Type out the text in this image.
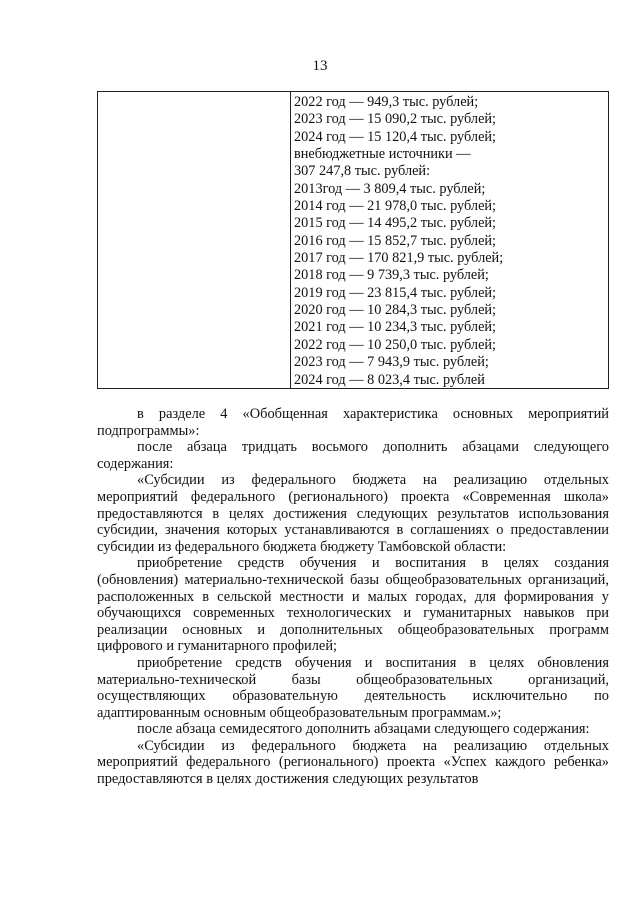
13
2022 год — 949,3 тыс. рублей;
2023 год — 15 090,2 тыс. рублей;
2024 год — 15 120,4 тыс. рублей;
внебюджетные источники —
307 247,8 тыс. рублей:
2013год — 3 809,4 тыс. рублей;
2014 год — 21 978,0 тыс. рублей;
2015 год — 14 495,2 тыс. рублей;
2016 год — 15 852,7 тыс. рублей;
2017 год — 170 821,9 тыс. рублей;
2018 год — 9 739,3 тыс. рублей;
2019 год — 23 815,4 тыс. рублей;
2020 год — 10 284,3 тыс. рублей;
2021 год — 10 234,3 тыс. рублей;
2022 год — 10 250,0 тыс. рублей;
2023 год — 7 943,9 тыс. рублей;
2024 год — 8 023,4 тыс. рублей

в разделе 4 «Обобщенная характеристика основных мероприятий подпрограммы»:

после абзаца тридцать восьмого дополнить абзацами следующего содержания:

«Субсидии из федерального бюджета на реализацию отдельных мероприятий федерального (регионального) проекта «Современная школа» предоставляются в целях достижения следующих результатов использования субсидии, значения которых устанавливаются в соглашениях о предоставлении субсидии из федерального бюджета бюджету Тамбовской области:

приобретение средств обучения и воспитания в целях создания (обновления) материально-технической базы общеобразовательных организаций, расположенных в сельской местности и малых городах, для формирования у обучающихся современных технологических и гуманитарных навыков при реализации основных и дополнительных общеобразовательных программ цифрового и гуманитарного профилей;

приобретение средств обучения и воспитания в целях обновления материально-технической базы общеобразовательных организаций, осуществляющих образовательную деятельность исключительно по адаптированным основным общеобразовательным программам.»;

после абзаца семидесятого дополнить абзацами следующего содержания:

«Субсидии из федерального бюджета на реализацию отдельных мероприятий федерального (регионального) проекта «Успех каждого ребенка» предоставляются в целях достижения следующих результатов
